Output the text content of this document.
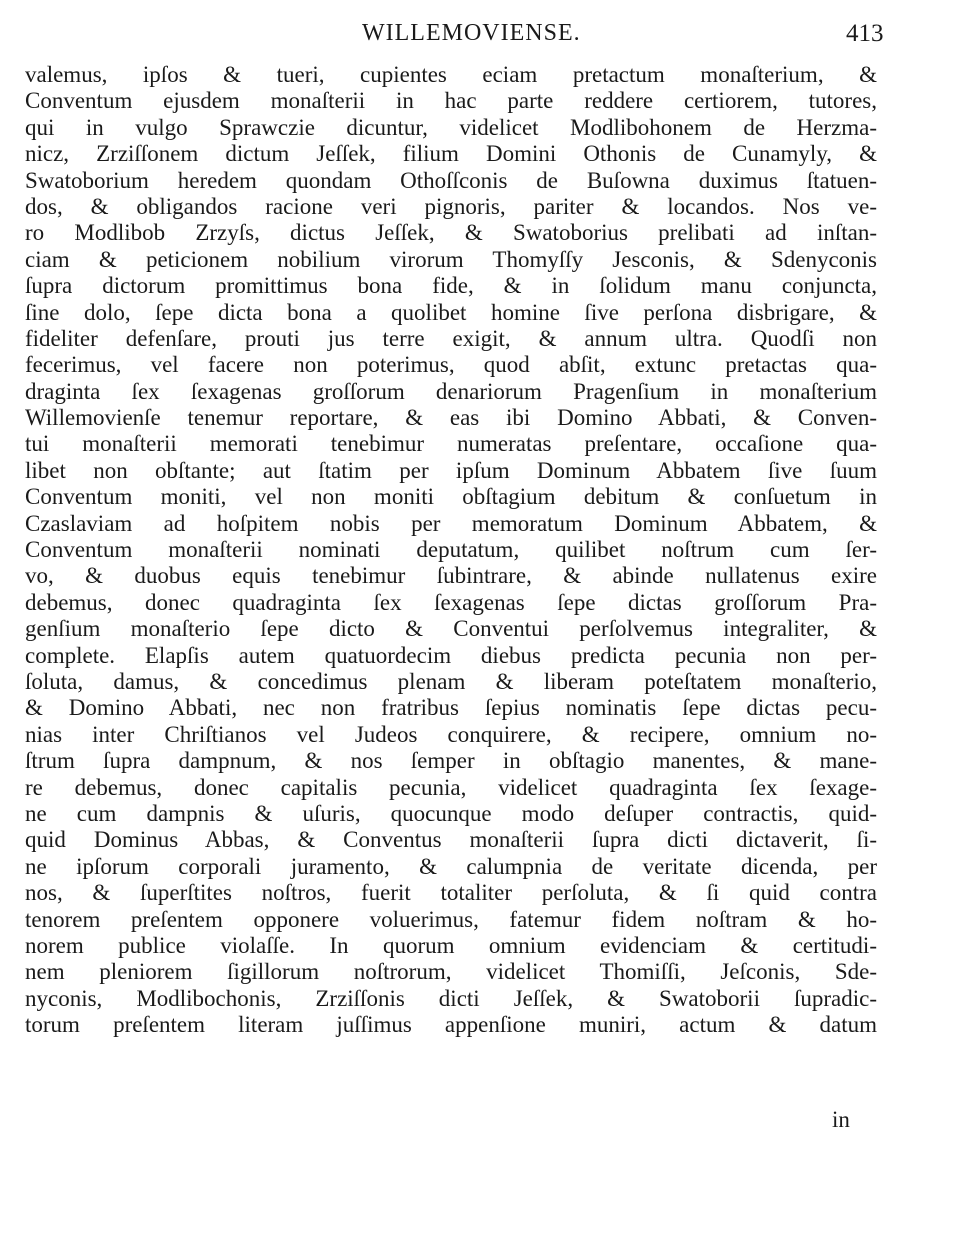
WILLEMOVIENSE.	413
valemus, ipſos & tueri, cupientes eciam pretactum monaſterium, &
Conventum ejusdem monaſterii in hac parte reddere certiorem, tutores,
qui in vulgo Sprawczie dicuntur, videlicet Modlibohonem de Herzma-
nicz, Zrziſſonem dictum Jeſſek, filium Domini Othonis de Cunamyly, &
Swatoborium heredem quondam Othoſſconis de Buſowna duximus ſtatuen-
dos, & obligandos racione veri pignoris, pariter & locandos. Nos ve-
ro Modlibob Zrzyſs, dictus Jeſſek, & Swatoborius prelibati ad inſtan-
ciam & peticionem nobilium virorum Thomyſſy Jesconis, & Sdenyconis
ſupra dictorum promittimus bona fide, & in ſolidum manu conjuncta,
ſine dolo, ſepe dicta bona a quolibet homine ſive perſona disbrigare, &
fideliter defenſare, prouti jus terre exigit, & annum ultra. Quodſi non
fecerimus, vel facere non poterimus, quod abſit, extunc pretactas qua-
draginta ſex ſexagenas groſſorum denariorum Pragenſium in monaſterium
Willemovienſe tenemur reportare, & eas ibi Domino Abbati, & Conven-
tui monaſterii memorati tenebimur numeratas preſentare, occaſione qua-
libet non obſtante; aut ſtatim per ipſum Dominum Abbatem ſive ſuum
Conventum moniti, vel non moniti obſtagium debitum & conſuetum in
Czaslaviam ad hoſpitem nobis per memoratum Dominum Abbatem, &
Conventum monaſterii nominati deputatum, quilibet noſtrum cum ſer-
vo, & duobus equis tenebimur ſubintrare, & abinde nullatenus exire
debemus, donec quadraginta ſex ſexagenas ſepe dictas groſſorum Pra-
genſium monaſterio ſepe dicto & Conventui perſolvemus integraliter, &
complete. Elapſis autem quatuordecim diebus predicta pecunia non per-
ſoluta, damus, & concedimus plenam & liberam poteſtatem monaſterio,
& Domino Abbati, nec non fratribus ſepius nominatis ſepe dictas pecu-
nias inter Chriſtianos vel Judeos conquirere, & recipere, omnium no-
ſtrum ſupra dampnum, & nos ſemper in obſtagio manentes, & mane-
re debemus, donec capitalis pecunia, videlicet quadraginta ſex ſexage-
ne cum dampnis & uſuris, quocunque modo deſuper contractis, quid-
quid Dominus Abbas, & Conventus monaſterii ſupra dicti dictaverit, ſi-
ne ipſorum corporali juramento, & calumpnia de veritate dicenda, per
nos, & ſuperſtites noſtros, fuerit totaliter perſoluta, & ſi quid contra
tenorem preſentem opponere voluerimus, fatemur fidem noſtram & ho-
norem publice violaſſe. In quorum omnium evidenciam & certitudi-
nem pleniorem ſigillorum noſtrorum, videlicet Thomiſſi, Jeſconis, Sde-
nyconis, Modlibochonis, Zrziſſonis dicti Jeſſek, & Swatoborii ſupradic-
torum preſentem literam juſſimus appenſione muniri, actum & datum
in
